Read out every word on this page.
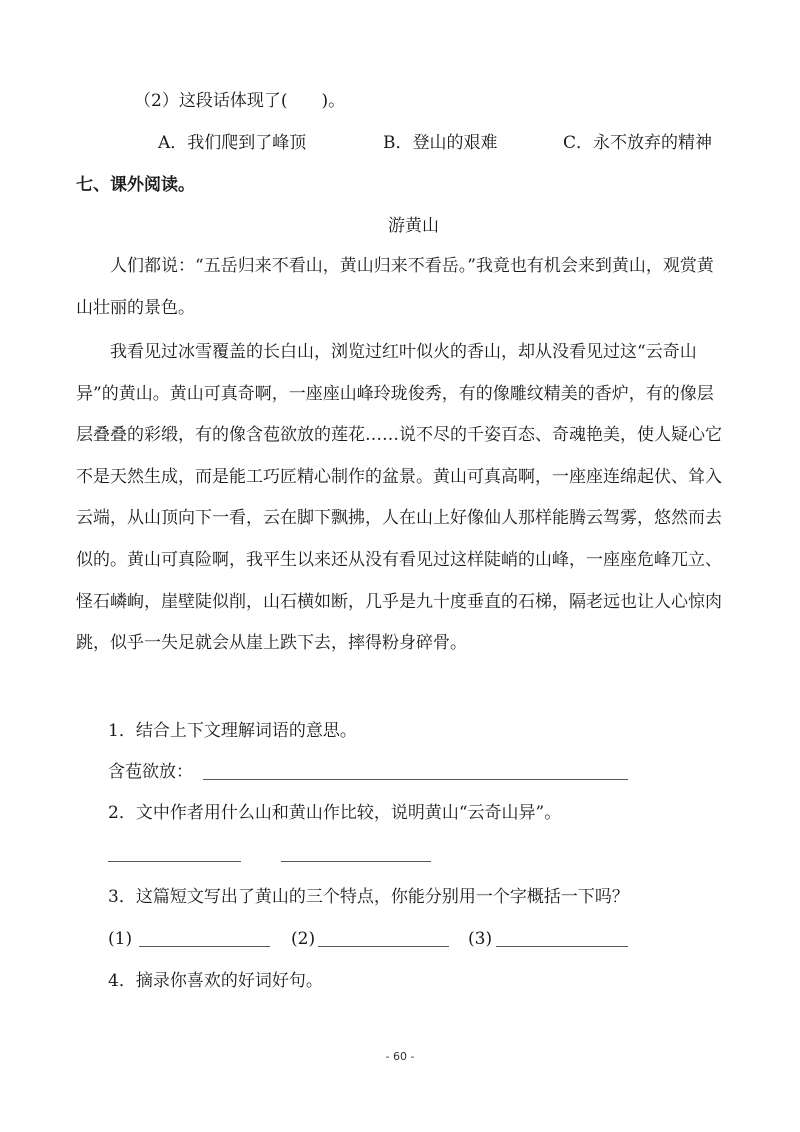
（2）这段话体现了(　　)。
A．我们爬到了峰顶	B．登山的艰难	C．永不放弃的精神
七、课外阅读。
游黄山
人们都说：“五岳归来不看山，黄山归来不看岳。”我竟也有机会来到黄山，观赏黄山壮丽的景色。
我看见过冰雪覆盖的长白山，浏览过红叶似火的香山，却从没看见过这“云奇山异”的黄山。黄山可真奇啊，一座座山峰玲珑俊秀，有的像雕纹精美的香炉，有的像层层叠叠的彩缎，有的像含苞欲放的莲花……说不尽的千姿百态、奇魂艳美，使人疑心它不是天然生成，而是能工巧匠精心制作的盆景。黄山可真高啊，一座座连绵起伏、耸入云端，从山顶向下一看，云在脚下飘拂，人在山上好像仙人那样能腾云驾雾，悠然而去似的。黄山可真险啊，我平生以来还从没有看见过这样陡峭的山峰，一座座危峰兀立、怪石嶙峋，崖壁陡似削，山石横如断，几乎是九十度垂直的石梯，隔老远也让人心惊肉跳，似乎一失足就会从崖上跌下去，摔得粉身碎骨。
1．结合上下文理解词语的意思。
含苞欲放：
2．文中作者用什么山和黄山作比较，说明黄山“云奇山异”。
3．这篇短文写出了黄山的三个特点，你能分别用一个字概括一下吗？
(1)	(2)	(3)
4．摘录你喜欢的好词好句。
- 60 -
